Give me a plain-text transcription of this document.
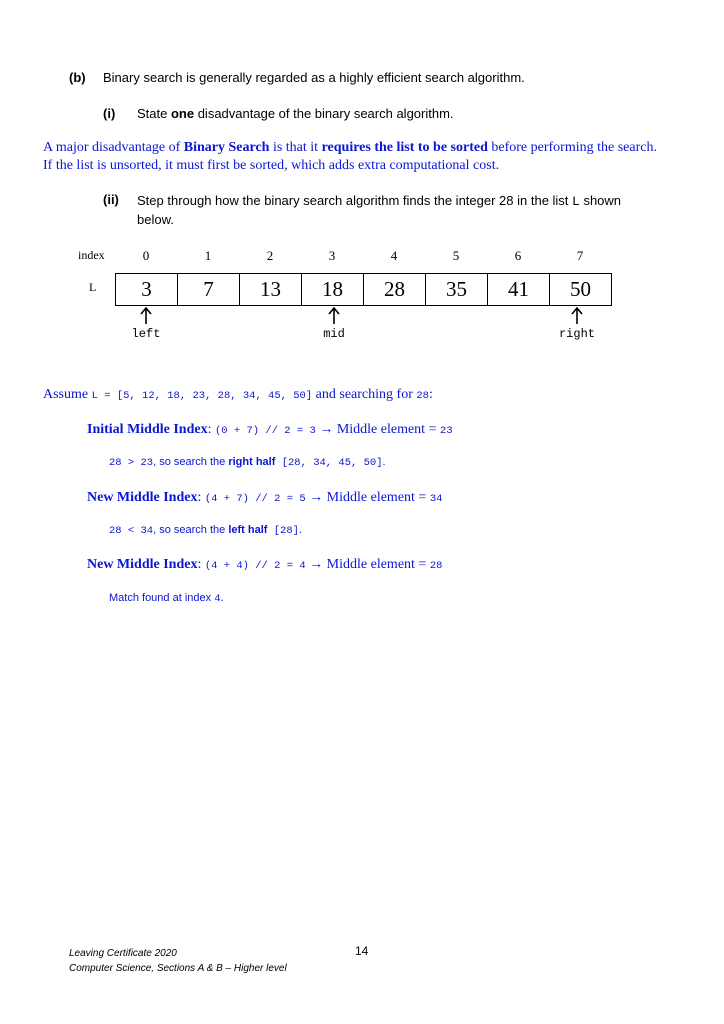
(b) Binary search is generally regarded as a highly efficient search algorithm.
(i) State one disadvantage of the binary search algorithm.
A major disadvantage of Binary Search is that it requires the list to be sorted before performing the search.
If the list is unsorted, it must first be sorted, which adds extra computational cost.
(ii) Step through how the binary search algorithm finds the integer 28 in the list L shown
below.
index	0	1	2	3	4	5	6	7
L	3	7	13	18	28	35	41	50
left	mid	right
Assume L = [5, 12, 18, 23, 28, 34, 45, 50] and searching for 28:
Initial Middle Index: (0 + 7) // 2 = 3 → Middle element = 23
28 > 23, so search the right half [28, 34, 45, 50].
New Middle Index: (4 + 7) // 2 = 5 → Middle element = 34
28 < 34, so search the left half [28].
New Middle Index: (4 + 4) // 2 = 4 → Middle element = 28
Match found at index 4.
Leaving Certificate 2020
Computer Science, Sections A & B – Higher level
14
